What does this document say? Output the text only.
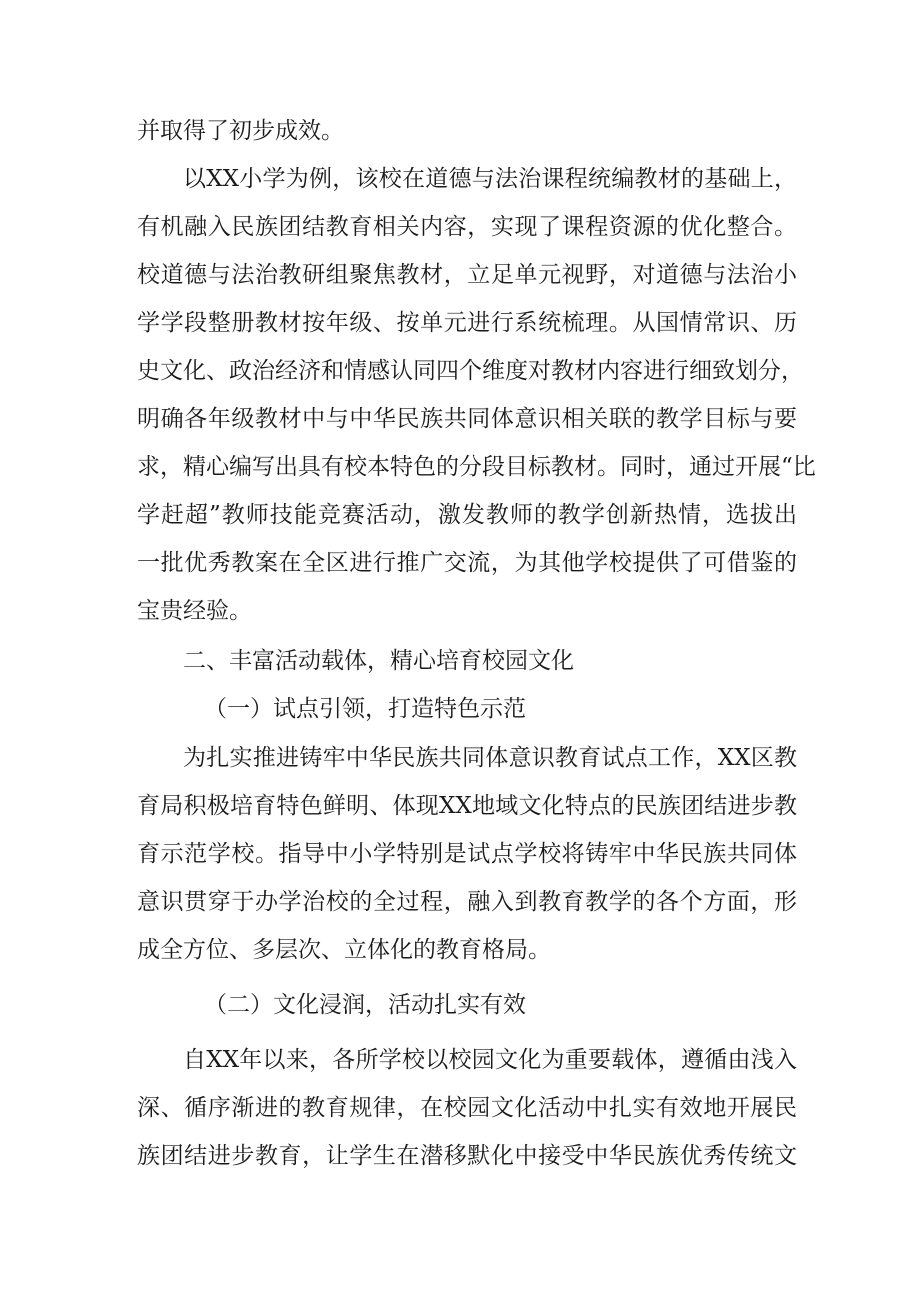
并取得了初步成效。
以XX小学为例，该校在道德与法治课程统编教材的基础上，
有机融入民族团结教育相关内容，实现了课程资源的优化整合。
校道德与法治教研组聚焦教材，立足单元视野，对道德与法治小
学学段整册教材按年级、按单元进行系统梳理。从国情常识、历
史文化、政治经济和情感认同四个维度对教材内容进行细致划分，
明确各年级教材中与中华民族共同体意识相关联的教学目标与要
求，精心编写出具有校本特色的分段目标教材。同时，通过开展“比
学赶超”教师技能竞赛活动，激发教师的教学创新热情，选拔出
一批优秀教案在全区进行推广交流，为其他学校提供了可借鉴的
宝贵经验。
二、丰富活动载体，精心培育校园文化
（一）试点引领，打造特色示范
为扎实推进铸牢中华民族共同体意识教育试点工作，XX区教
育局积极培育特色鲜明、体现XX地域文化特点的民族团结进步教
育示范学校。指导中小学特别是试点学校将铸牢中华民族共同体
意识贯穿于办学治校的全过程，融入到教育教学的各个方面，形
成全方位、多层次、立体化的教育格局。
（二）文化浸润，活动扎实有效
自XX年以来，各所学校以校园文化为重要载体，遵循由浅入
深、循序渐进的教育规律，在校园文化活动中扎实有效地开展民
族团结进步教育，让学生在潜移默化中接受中华民族优秀传统文
